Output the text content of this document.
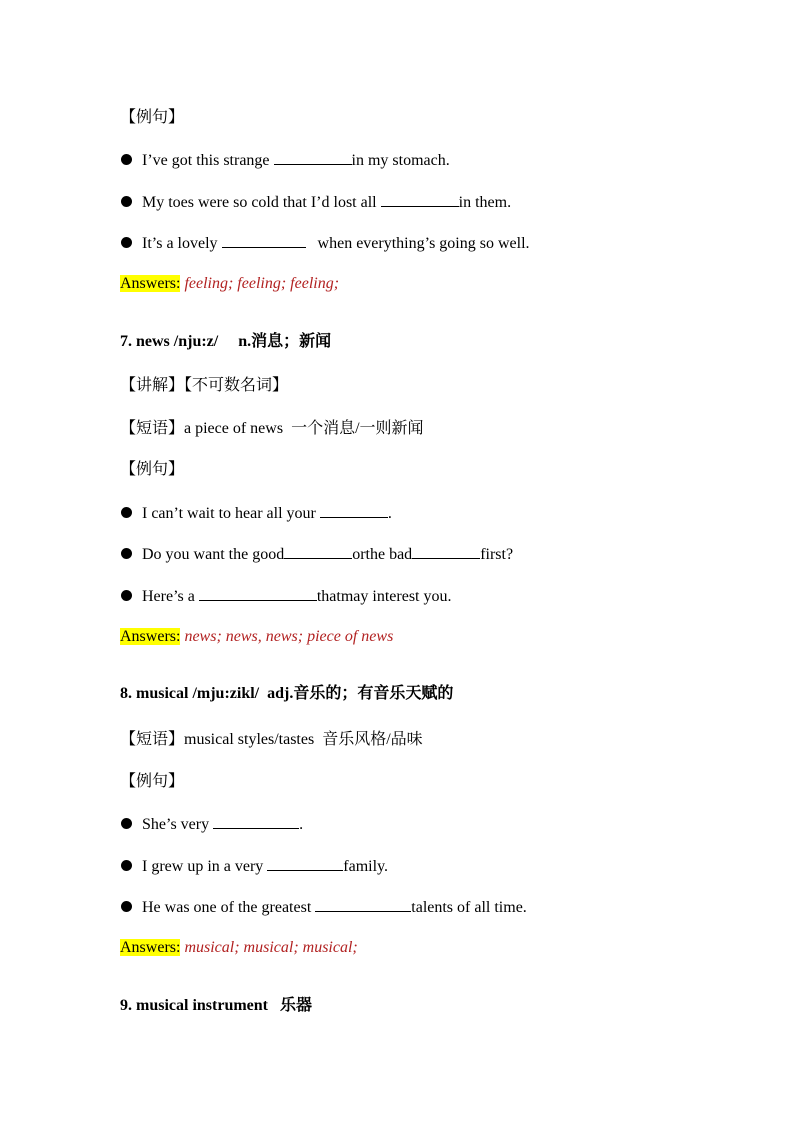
【例句】
I’ve got this strange	in my stomach.
My toes were so cold that I’d lost all	in them.
It’s a lovely	when everything’s going so well.
Answers: feeling; feeling; feeling;
7. news /nju:z/ n.消息；新闻
【讲解】【不可数名词】
【短语】a piece of news  一个消息/一则新闻
【例句】
I can’t wait to hear all your	.
Do you want the good	orthe bad	first?
Here’s a	thatmay interest you.
Answers: news; news, news; piece of news
8. musical /mju:zikl/ adj.音乐的；有音乐天赋的
【短语】musical styles/tastes  音乐风格/品味
【例句】
She’s very	.
I grew up in a very	family.
He was one of the greatest	talents of all time.
Answers: musical; musical; musical;
9. musical instrument 乐器
